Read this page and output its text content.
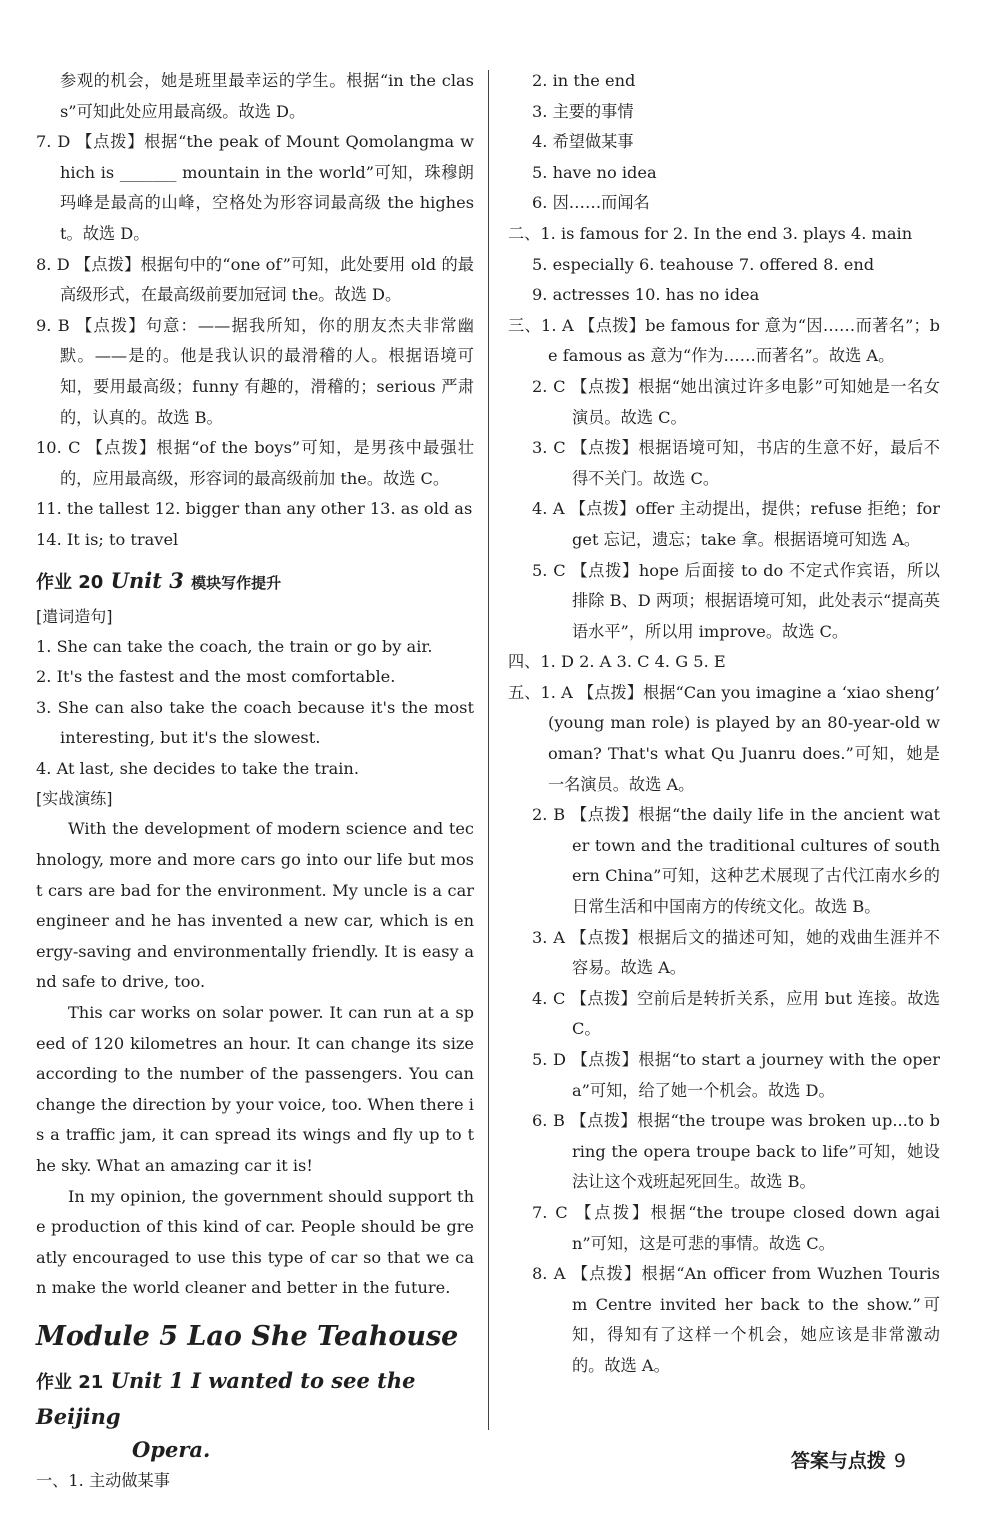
参观的机会，她是班里最幸运的学生。根据“in the class”可知此处应用最高级。故选 D。

7. D 【点拨】根据“the peak of Mount Qomolangma which is _______ mountain in the world”可知，珠穆朗玛峰是最高的山峰，空格处为形容词最高级 the highest。故选 D。

8. D 【点拨】根据句中的“one of”可知，此处要用 old 的最高级形式，在最高级前要加冠词 the。故选 D。

9. B 【点拨】句意：——据我所知，你的朋友杰夫非常幽默。——是的。他是我认识的最滑稽的人。根据语境可知，要用最高级；funny 有趣的，滑稽的；serious 严肃的，认真的。故选 B。

10. C 【点拨】根据“of the boys”可知，是男孩中最强壮的，应用最高级，形容词的最高级前加 the。故选 C。

11. the tallest 12. bigger than any other 13. as old as

14. It is; to travel

作业 20 Unit 3 模块写作提升

[遣词造句]

1. She can take the coach, the train or go by air.

2. It's the fastest and the most comfortable.

3. She can also take the coach because it's the most interesting, but it's the slowest.

4. At last, she decides to take the train.

[实战演练]

With the development of modern science and technology, more and more cars go into our life but most cars are bad for the environment. My uncle is a car engineer and he has invented a new car, which is energy-saving and environmentally friendly. It is easy and safe to drive, too.

This car works on solar power. It can run at a speed of 120 kilometres an hour. It can change its size according to the number of the passengers. You can change the direction by your voice, too. When there is a traffic jam, it can spread its wings and fly up to the sky. What an amazing car it is!

In my opinion, the government should support the production of this kind of car. People should be greatly encouraged to use this type of car so that we can make the world cleaner and better in the future.

Module 5 Lao She Teahouse
作业 21 Unit 1 I wanted to see the Beijing
Opera.

一、1. 主动做某事

2. in the end

3. 主要的事情

4. 希望做某事

5. have no idea

6. 因……而闻名

二、1. is famous for 2. In the end 3. plays 4. main

5. especially 6. teahouse 7. offered 8. end

9. actresses 10. has no idea

三、1. A 【点拨】be famous for 意为“因……而著名”；be famous as 意为“作为……而著名”。故选 A。

2. C 【点拨】根据“她出演过许多电影”可知她是一名女演员。故选 C。

3. C 【点拨】根据语境可知，书店的生意不好，最后不得不关门。故选 C。

4. A 【点拨】offer 主动提出，提供；refuse 拒绝；forget 忘记，遗忘；take 拿。根据语境可知选 A。

5. C 【点拨】hope 后面接 to do 不定式作宾语，所以排除 B、D 两项；根据语境可知，此处表示“提高英语水平”，所以用 improve。故选 C。

四、1. D 2. A 3. C 4. G 5. E

五、1. A 【点拨】根据“Can you imagine a ‘xiao sheng’ (young man role) is played by an 80-year-old woman? That's what Qu Juanru does.”可知，她是一名演员。故选 A。

2. B 【点拨】根据“the daily life in the ancient water town and the traditional cultures of southern China”可知，这种艺术展现了古代江南水乡的日常生活和中国南方的传统文化。故选 B。

3. A 【点拨】根据后文的描述可知，她的戏曲生涯并不容易。故选 A。

4. C 【点拨】空前后是转折关系，应用 but 连接。故选 C。

5. D 【点拨】根据“to start a journey with the opera”可知，给了她一个机会。故选 D。

6. B 【点拨】根据“the troupe was broken up...to bring the opera troupe back to life”可知，她设法让这个戏班起死回生。故选 B。

7. C 【点拨】根据“the troupe closed down again”可知，这是可悲的事情。故选 C。

8. A 【点拨】根据“An officer from Wuzhen Tourism Centre invited her back to the show.”可知，得知有了这样一个机会，她应该是非常激动的。故选 A。

答案与点拨 9
